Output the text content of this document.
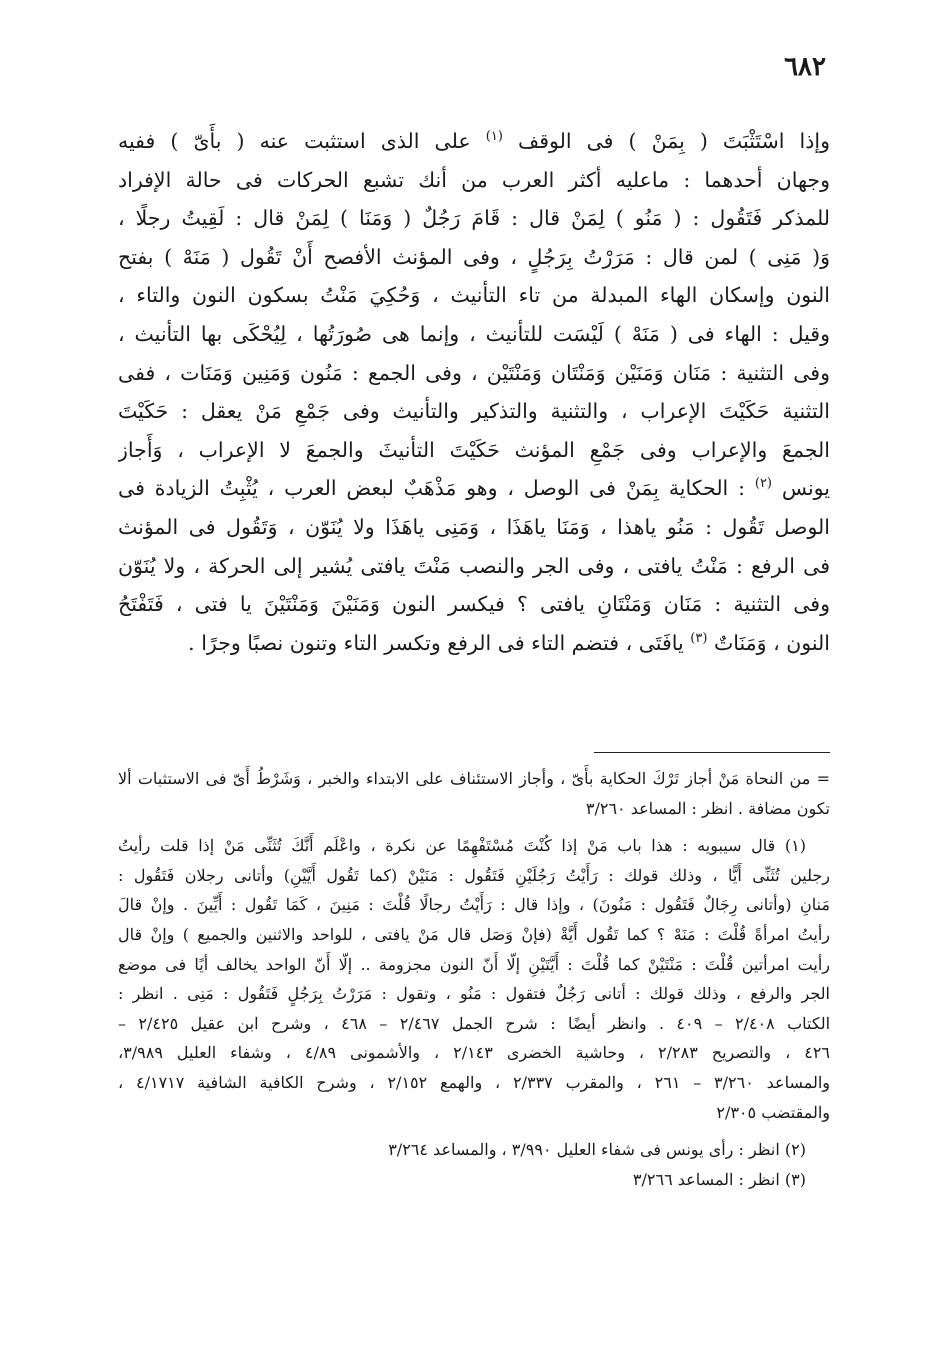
٦٨٢
وإذا اسْتَثْبَتَ ( بِمَنْ ) فى الوقف $^{(١)}$ على الذى استثبت عنه ( بأَىّ ) ففيه
وجهان أحدهما : ماعليه أكثر العرب من أنك تشبع الحركات فى حالة الإفراد
للمذكر فَتَقُول : ( مَنُو ) لِمَنْ قال : قَامَ رَجُلٌ ( وَمَنَا ) لِمَنْ قال : لَقِيتُ رجلًا ،
وَ( مَنِى ) لمن قال : مَرَرْتُ بِرَجُلٍ ، وفى المؤنث الأفصح أَنْ تَقُول ( مَنَهْ ) بفتح
النون وإسكان الهاء المبدلة من تاء التأنيث ، وَحُكِيَ مَنْتُ بسكون النون والتاء ،
وقيل : الهاء فى ( مَنَهْ ) لَيْسَت للتأنيث ، وإنما هى صُورَتُها ، لِيُحْكَى بها التأنيث ،
وفى التثنية : مَنَان وَمَنَيْن وَمَنْتَان وَمَنْتَيْن ، وفى الجمع : مَنُون وَمَنِين وَمَنَات ، ففى
التثنية حَكَيْتَ الإعراب ، والتثنية والتذكير والتأنيث وفى جَمْعِ مَنْ يعقل : حَكَيْتَ
الجمعَ والإعراب وفى جَمْعِ المؤنث حَكَيْتَ التأنيثَ والجمعَ لا الإعراب ، وَأَجاز
يونس $^{(٢)}$ : الحكاية بِمَنْ فى الوصل ، وهو مَذْهَبٌ لبعض العرب ، يُثْبِتُ الزيادة فى
الوصل تَقُول : مَنُو ياهذا ، وَمَنَا ياهَذَا ، وَمَنِى ياهَذَا ولا يُنَوّن ، وَتَقُول فى المؤنث
فى الرفع : مَنْتُ يافتى ، وفى الجر والنصب مَنْتَ يافتى يُشير إلى الحركة ، ولا يُنَوّن
وفى التثنية : مَنَان وَمَنْتَانِ يافتى ؟ فيكسر النون وَمَنَيْنَ وَمَنْتَيْنَ يا فتى ، فَتَفْتَحُ
النون ، وَمَنَاتٌ $^{(٣)}$ يافَتَى ، فتضم التاء فى الرفع وتكسر التاء وتنون نصبًا وجرًا .
= من النحاة مَنْ أجاز تَرْكَ الحكاية بأَىّ ، وأجاز الاستئناف على الابتداء والخبر ، وَشَرْطُ أَىّ فى الاستثبات ألا
تكون مضافة . انظر : المساعد ٣/٢٦٠
(١) قال سيبويه : هذا باب مَنْ إذا كُنْتَ مُسْتَفْهِمًا عن نكرة ، واعْلَم أَنَّكَ تُثَنِّى مَنْ إذا قلت رأيتُ
رجلين تُثَنِّى أَيًّا ، وذلك قولك : رَأَيْتُ رَجُلَيْنِ فَتَقُول : مَنَيْنْ (كما تَقُول أَيَّيْنِ) وأتانى رجلان فَتَقُول :
مَنانِ (وأتانى رِجَالٌ فَتَقُول : مَنُونَ) ، وإذا قال : رَأَيْتُ رجالًا قُلْتَ : مَنِينَ ، كَمَا تَقُول : أَيِّينَ . وإنْ قالَ
رأيتُ امرأةً قُلْتَ : مَنَهْ ؟ كما تَقُول أَيَّةْ (فإنْ وَصَل قال مَنْ يافتى ، للواحد والاثنين والجميع ) وإنْ قال
رأيت امرأتين قُلْتَ : مَنْتَيْنْ كما قُلْتَ : أَيَّتَيْنِ إلّا أَنّ النون مجزومة .. إلّا أَنّ الواحد يخالف أيًا فى موضع
الجر والرفع ، وذلك قولك : أتانى رَجُلٌ فتقول : مَنُو ، وتقول : مَرَرْتُ بِرَجُلٍ فَتَقُول : مَنِى . انظر :
الكتاب ٢/٤٠٨ – ٤٠٩ . وانظر أيضًا : شرح الجمل ٢/٤٦٧ – ٤٦٨ ، وشرح ابن عقيل ٢/٤٢٥ –
٤٢٦ ، والتصريح ٢/٢٨٣ ، وحاشية الخضرى ٢/١٤٣ ، والأشمونى ٤/٨٩ ، وشفاء العليل ٣/٩٨٩،
والمساعد ٣/٢٦٠ – ٢٦١ ، والمقرب ٢/٣٣٧ ، والهمع ٢/١٥٢ ، وشرح الكافية الشافية ٤/١٧١٧ ،
والمقتضب ٢/٣٠٥
(٢) انظر : رأى يونس فى شفاء العليل ٣/٩٩٠ ، والمساعد ٣/٢٦٤
(٣) انظر : المساعد ٣/٢٦٦
